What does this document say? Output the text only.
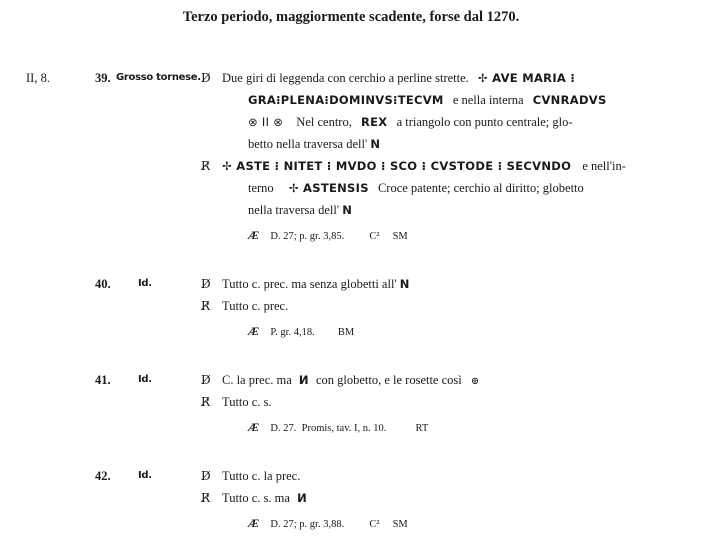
Terzo periodo, maggiormente scadente, forse dal 1270.
II, 8.	39. Grosso tornese. D̸ Due giri di leggenda con cerchio a perline strette. ✢ AVE MARIA ⁝
GRA⁝PLENA⁝DOMINVS⁝TECVM e nella interna CVNRADVS
⊗ II ⊗ Nel centro, REX a triangolo con punto centrale; glo-
betto nella traversa dell' N
R̸ ✢ ASTE ⁝ NITET ⁝ MVDO ⁝ SCO ⁝ CVSTODE ⁝ SECVNDO e nell'in-
terno ✢ ASTENSIS Croce patente; cerchio al diritto; globetto
nella traversa dell' N
Æ D. 27; p. gr. 3,85. C² SM
40.	Id.	D̸ Tutto c. prec. ma senza globetti all' N
R̸ Tutto c. prec.
Æ P. gr. 4,18. BM
41.	Id.	D̸ C. la prec. ma И con globetto, e le rosette così ⊕
R̸ Tutto c. s.
Æ D. 27.  Promis, tav. I, n. 10.	RT
42.	Id.	D̸ Tutto c. la prec.
R̸ Tutto c. s. ma И
Æ D. 27; p. gr. 3,88. C² SM
